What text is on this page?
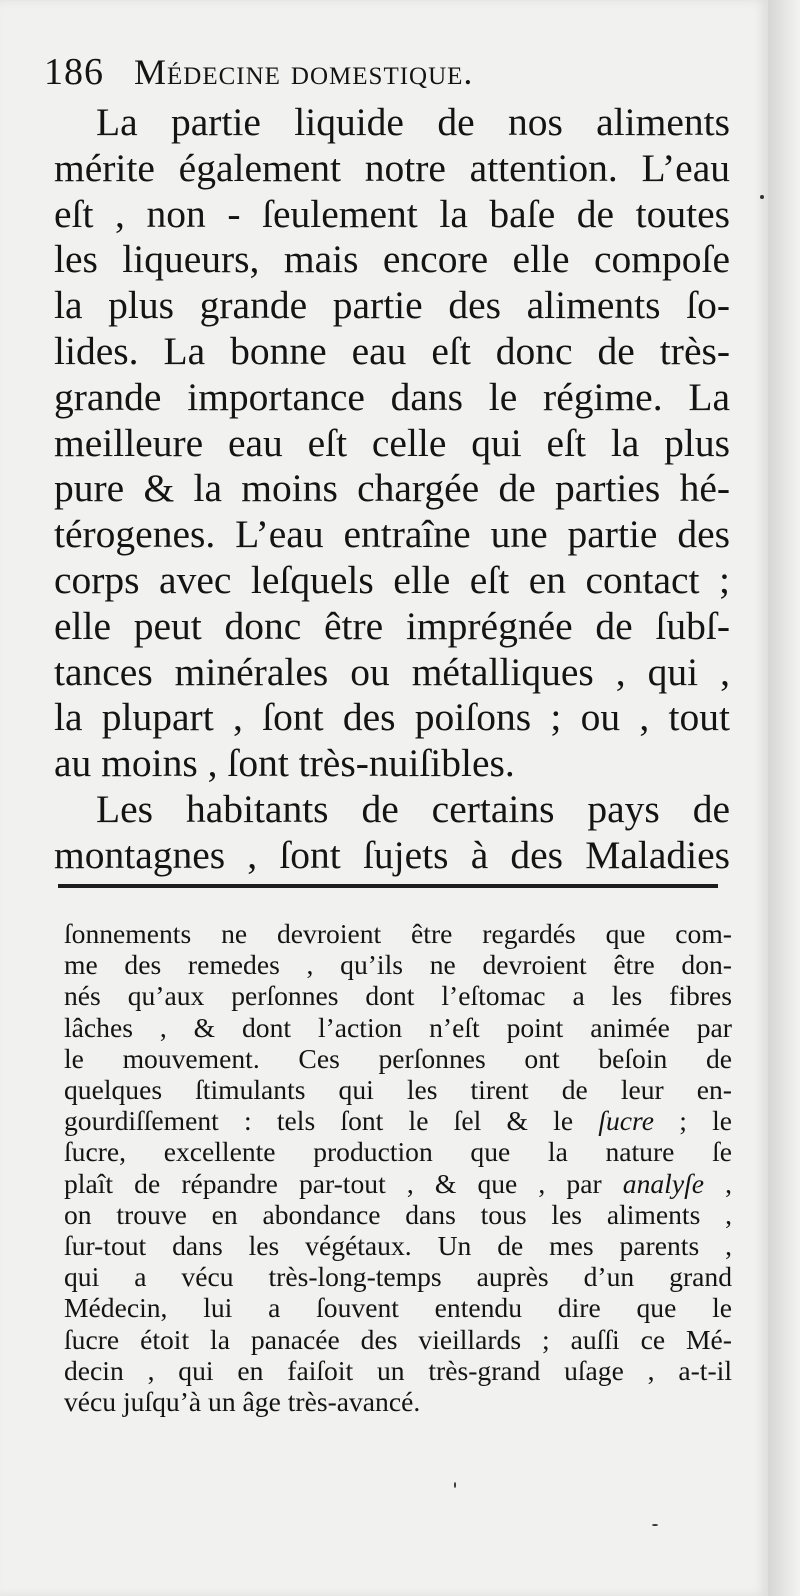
186 Médecine domestique.

La partie liquide de nos aliments

mérite également notre attention. L’eau

eſt , non - ſeulement la baſe de toutes

les liqueurs, mais encore elle compoſe

la plus grande partie des aliments ſo-

lides. La bonne eau eſt donc de très-

grande importance dans le régime. La

meilleure eau eſt celle qui eſt la plus

pure & la moins chargée de parties hé-

térogenes. L’eau entraîne une partie des

corps avec leſquels elle eſt en contact ;

elle peut donc être imprégnée de ſubſ-

tances minérales ou métalliques , qui ,

la plupart , ſont des poiſons ; ou , tout

au moins , ſont très-nuiſibles.

Les habitants de certains pays de

montagnes , ſont ſujets à des Maladies

ſonnements ne devroient être regardés que com-

me des remedes , qu’ils ne devroient être don-

nés qu’aux perſonnes dont l’eſtomac a les fibres

lâches , & dont l’action n’eſt point animée par

le mouvement. Ces perſonnes ont beſoin de

quelques ſtimulants qui les tirent de leur en-

gourdiſſement : tels ſont le ſel & le ſucre ; le

ſucre, excellente production que la nature ſe

plaît de répandre par-tout , & que , par analyſe ,

on trouve en abondance dans tous les aliments ,

ſur-tout dans les végétaux. Un de mes parents ,

qui a vécu très-long-temps auprès d’un grand

Médecin, lui a ſouvent entendu dire que le

ſucre étoit la panacée des vieillards ; auſſi ce Mé-

decin , qui en faiſoit un très-grand uſage , a-t-il

vécu juſqu’à un âge très-avancé.
